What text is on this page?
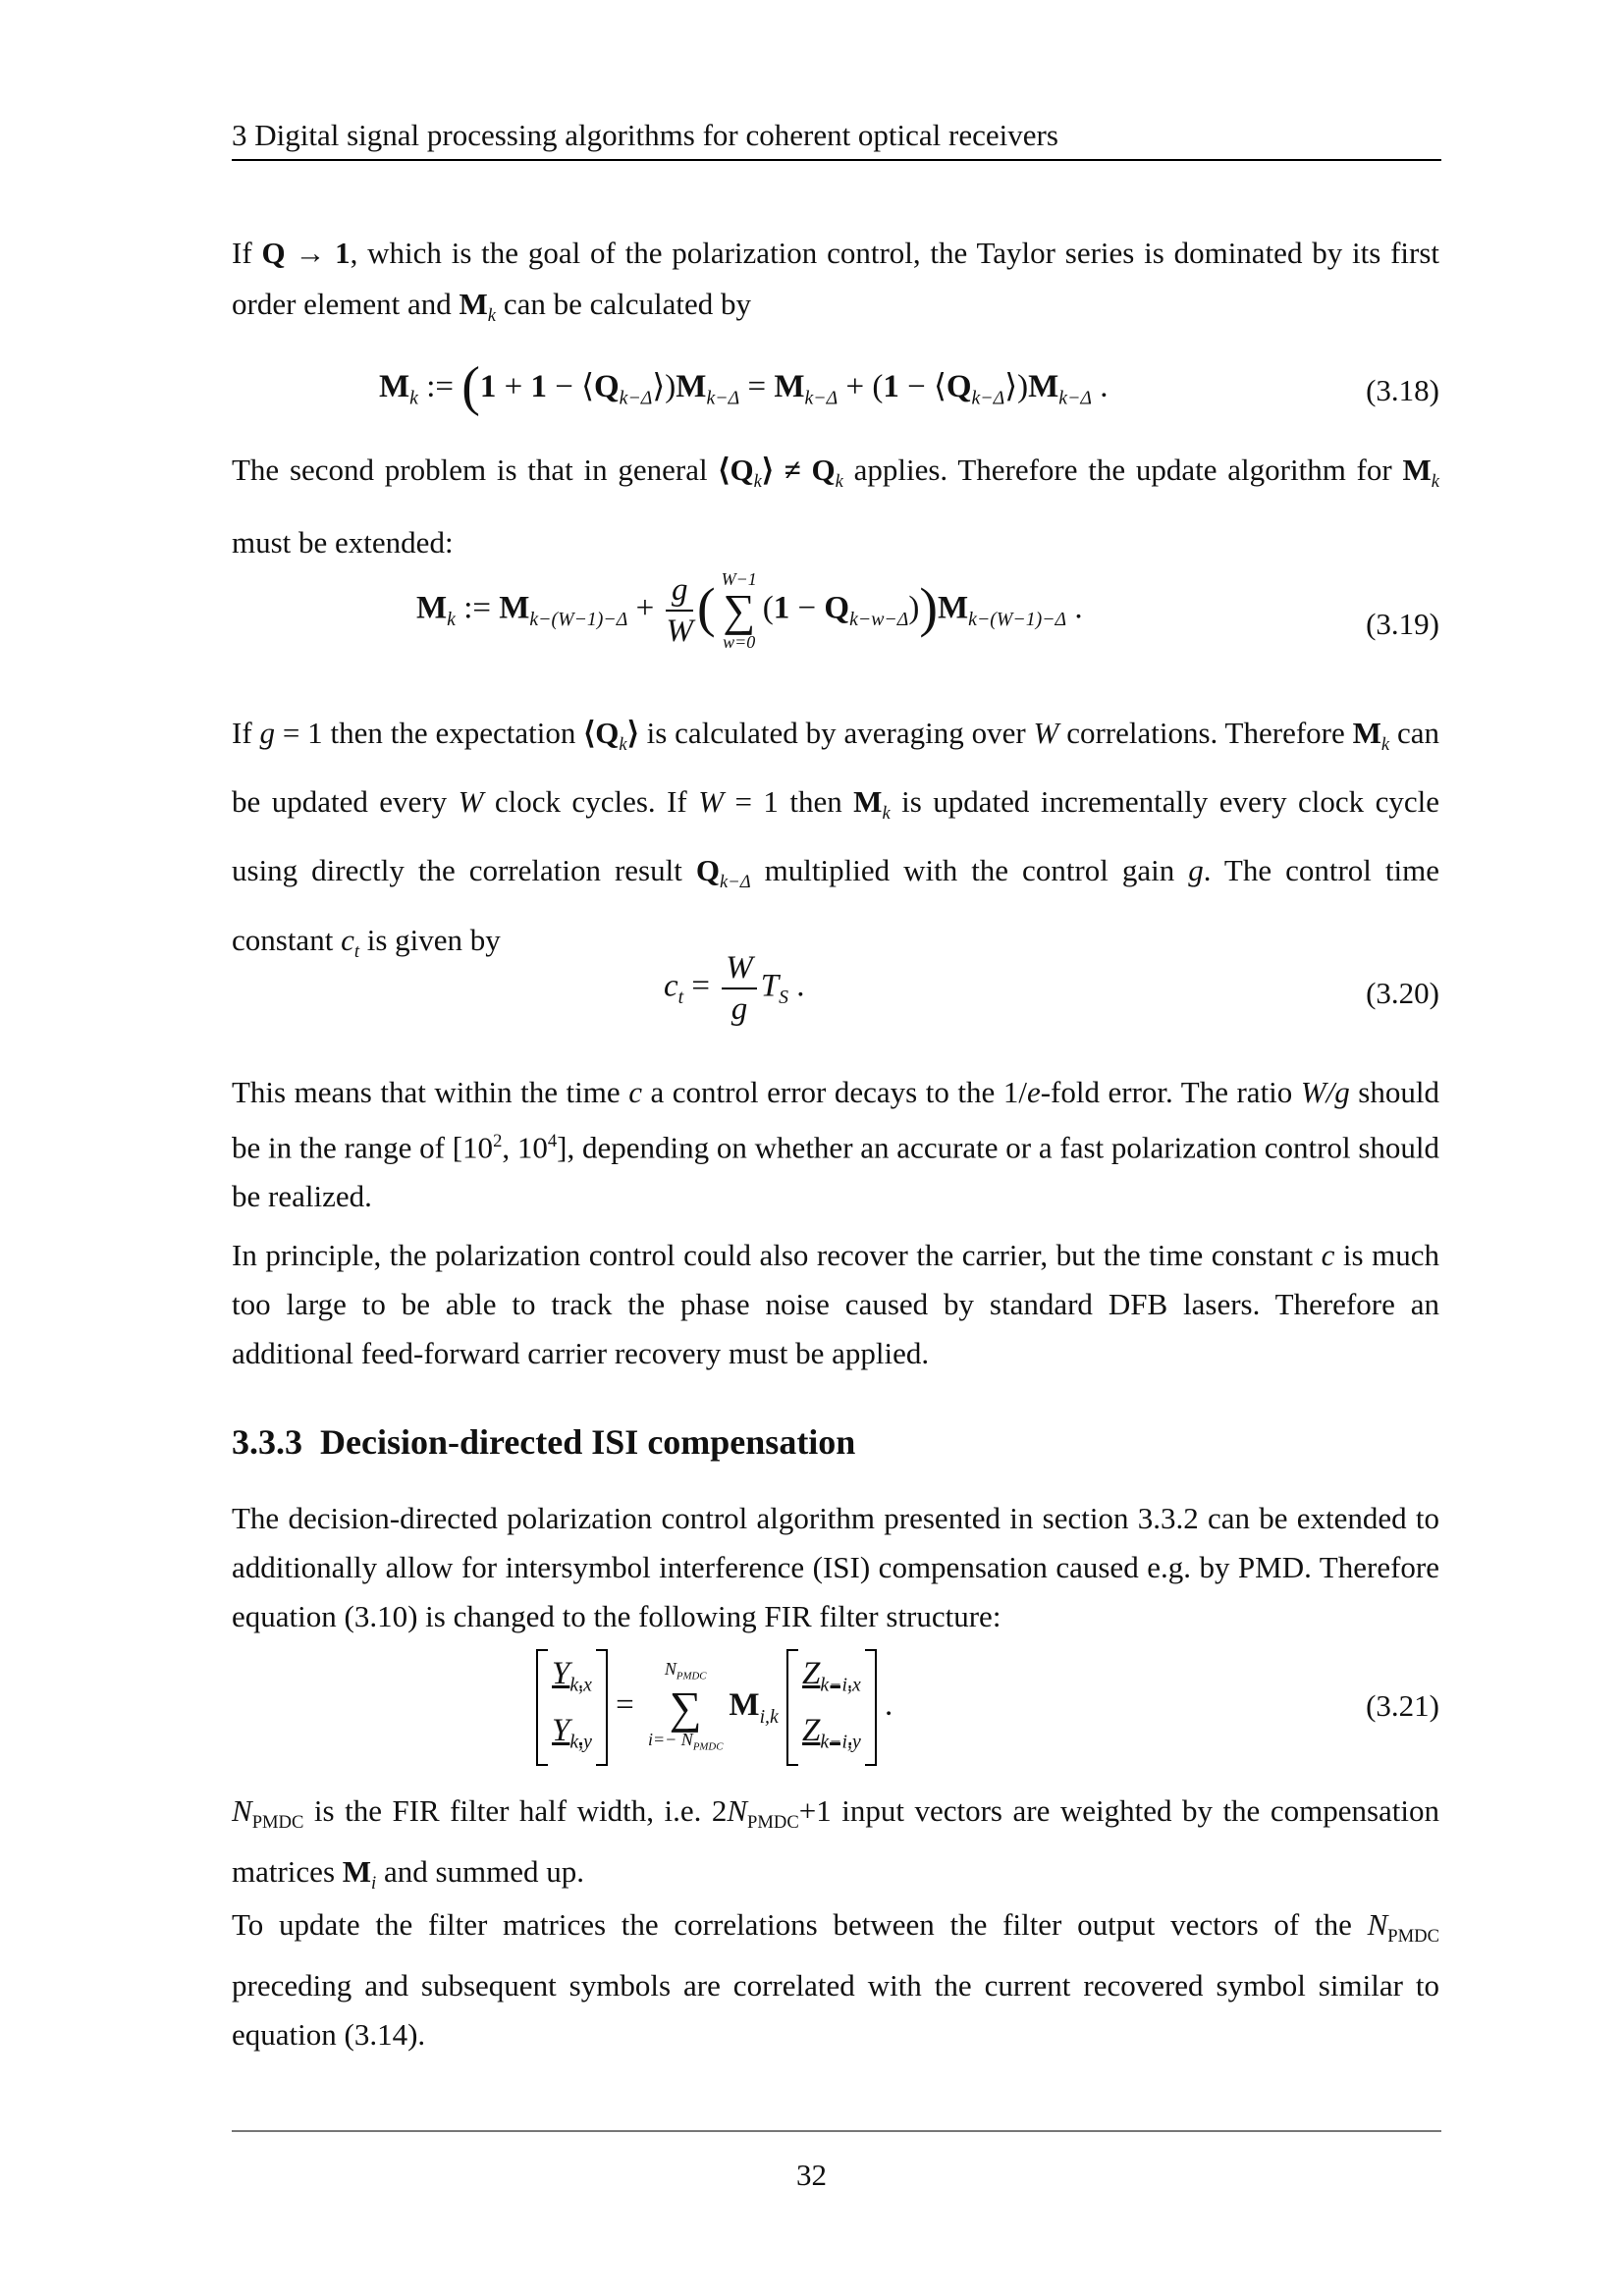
3 Digital signal processing algorithms for coherent optical receivers
If Q → 1, which is the goal of the polarization control, the Taylor series is dominated by its first order element and $M_k$ can be calculated by
$M_k$ := $(1 + 1 - ⟨Q_{k-\Delta}⟩)M_{k-\Delta} = M_{k-\Delta} + (1$ − $⟨Q_{k-\Delta}⟩)M_{k-\Delta}$ .	(3.18)
The second problem is that in general $⟨Q_k⟩ \ne Q_k$ applies. Therefore the update algorithm for $M_k$ must be extended:
$M_k$ := $M_{k-(W-1)-\Delta} + \frac{g}{W}$ ( W−1
∑
w=0
$(1 - Q_{k-w-\Delta}))M_{k-(W-1)-\Delta}$ .	(3.19)
If g = 1 then the expectation $⟨Q_k⟩$ is calculated by averaging over W correlations. Therefore $M_k$ can be updated every W clock cycles. If W = 1 then $M_k$ is updated incrementally every clock cycle using directly the correlation result $Q_{k-\Delta}$ multiplied with the control gain g. The control time constant $c_t$ is given by
$c_t = \frac{W}{g} T_S$ .	(3.20)
This means that within the time c a control error decays to the 1/e-fold error. The ratio W/g should be in the range of [$10^2$, $10^4$], depending on whether an accurate or a fast polarization control should be realized.
In principle, the polarization control could also recover the carrier, but the time constant c is much too large to be able to track the phase noise caused by standard DFB lasers. Therefore an additional feed-forward carrier recovery must be applied.
3.3.3 Decision-directed ISI compensation
The decision-directed polarization control algorithm presented in section 3.3.2 can be extended to additionally allow for intersymbol interference (ISI) compensation caused e.g. by PMD. Therefore equation (3.10) is changed to the following FIR filter structure:
$\frac{Y_{k,x}}{Y_{k,y}}$ =
$N_{PMDC}$
∑
$i=- N_{PMDC}$
$M_{i,k} \frac{Z_{k-i,x}}{Z_{k-i,y}}$ .	(3.21)
$N_{PMDC}$ is the FIR filter half width, i.e. $2N_{PMDC}+1$ input vectors are weighted by the compensation matrices $M_i$ and summed up.
To update the filter matrices the correlations between the filter output vectors of the $N_{PMDC}$ preceding and subsequent symbols are correlated with the current recovered symbol similar to equation (3.14).
32
